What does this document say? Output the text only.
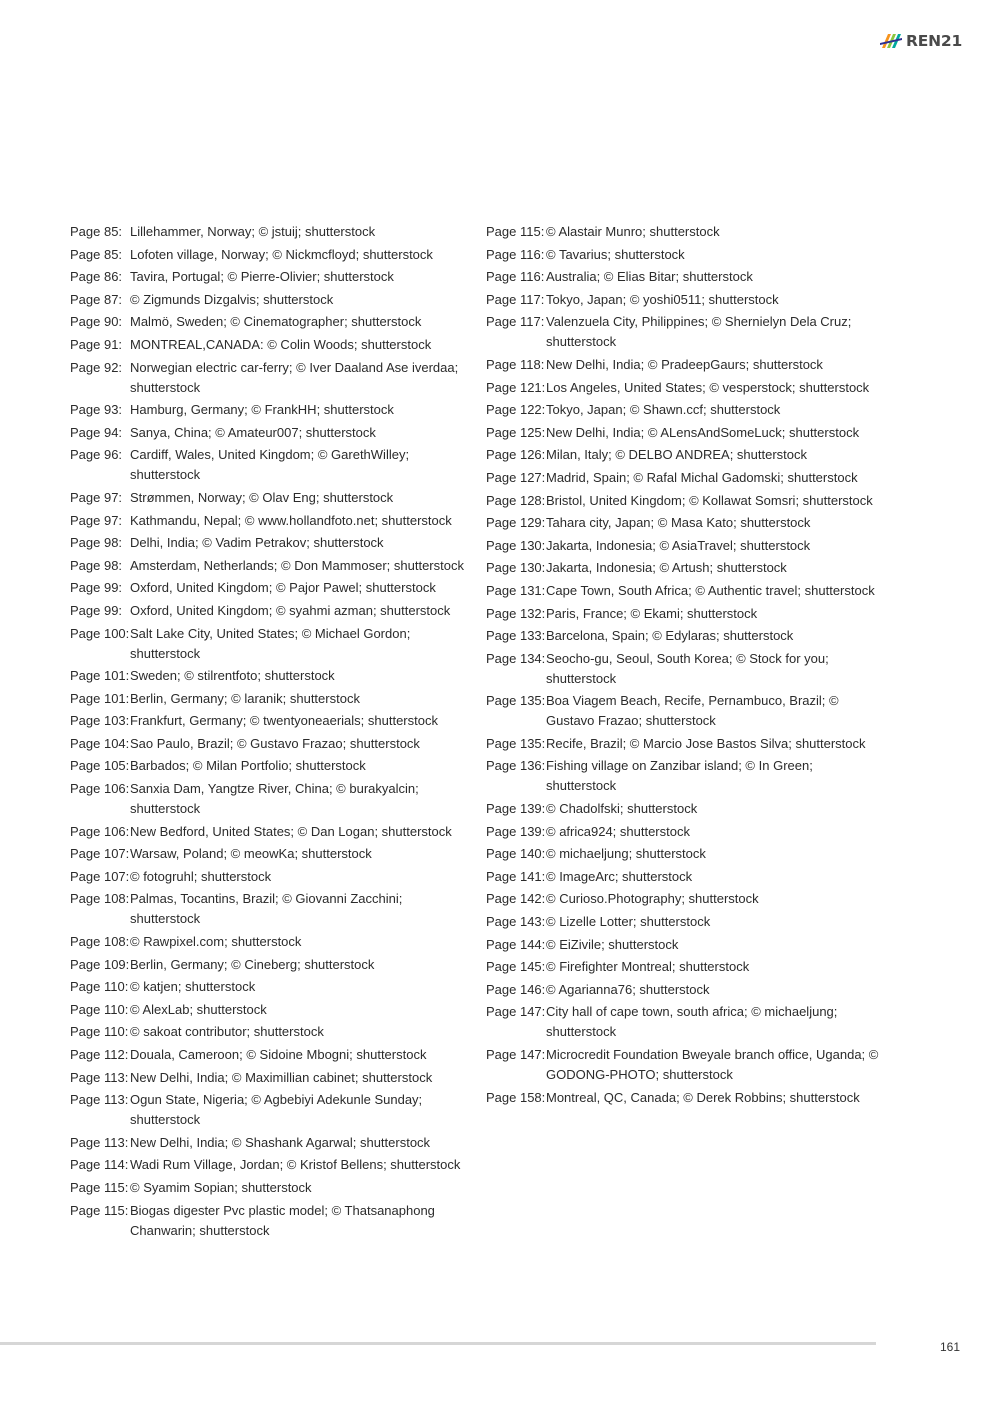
REN21
Page 85: Lillehammer, Norway; © jstuij; shutterstock
Page 85: Lofoten village, Norway; © Nickmcfloyd; shutterstock
Page 86: Tavira, Portugal; © Pierre-Olivier; shutterstock
Page 87: © Zigmunds Dizgalvis; shutterstock
Page 90: Malmö, Sweden; © Cinematographer; shutterstock
Page 91: MONTREAL,CANADA: © Colin Woods; shutterstock
Page 92: Norwegian electric car-ferry; © Iver Daaland Ase iverdaa; shutterstock
Page 93: Hamburg, Germany; © FrankHH; shutterstock
Page 94: Sanya, China; © Amateur007; shutterstock
Page 96: Cardiff, Wales, United Kingdom; © GarethWilley; shutterstock
Page 97: Strømmen, Norway; © Olav Eng; shutterstock
Page 97: Kathmandu, Nepal; © www.hollandfoto.net; shutterstock
Page 98: Delhi, India; © Vadim Petrakov; shutterstock
Page 98: Amsterdam, Netherlands; © Don Mammoser; shutterstock
Page 99: Oxford, United Kingdom; © Pajor Pawel; shutterstock
Page 99: Oxford, United Kingdom; © syahmi azman; shutterstock
Page 100: Salt Lake City, United States; © Michael Gordon; shutterstock
Page 101: Sweden; © stilrentfoto; shutterstock
Page 101: Berlin, Germany; © laranik; shutterstock
Page 103: Frankfurt, Germany; © twentyoneaerials; shutterstock
Page 104: Sao Paulo, Brazil; © Gustavo Frazao; shutterstock
Page 105: Barbados; © Milan Portfolio; shutterstock
Page 106: Sanxia Dam, Yangtze River, China; © burakyalcin; shutterstock
Page 106: New Bedford, United States; © Dan Logan; shutterstock
Page 107: Warsaw, Poland; © meowKa; shutterstock
Page 107: © fotogruhl; shutterstock
Page 108: Palmas, Tocantins, Brazil; © Giovanni Zacchini; shutterstock
Page 108: © Rawpixel.com; shutterstock
Page 109: Berlin, Germany; © Cineberg; shutterstock
Page 110: © katjen; shutterstock
Page 110: © AlexLab; shutterstock
Page 110: © sakoat contributor; shutterstock
Page 112: Douala, Cameroon; © Sidoine Mbogni; shutterstock
Page 113: New Delhi, India; © Maximillian cabinet; shutterstock
Page 113: Ogun State, Nigeria; © Agbebiyi Adekunle Sunday; shutterstock
Page 113: New Delhi, India; © Shashank Agarwal; shutterstock
Page 114: Wadi Rum Village, Jordan; © Kristof Bellens; shutterstock
Page 115: © Syamim Sopian; shutterstock
Page 115: Biogas digester Pvc plastic model; © Thatsanaphong Chanwarin; shutterstock
Page 115: © Alastair Munro; shutterstock
Page 116: © Tavarius; shutterstock
Page 116: Australia; © Elias Bitar; shutterstock
Page 117: Tokyo, Japan; © yoshi0511; shutterstock
Page 117: Valenzuela City, Philippines; © Shernielyn Dela Cruz; shutterstock
Page 118: New Delhi, India; © PradeepGaurs; shutterstock
Page 121: Los Angeles, United States; © vesperstock; shutterstock
Page 122: Tokyo, Japan; © Shawn.ccf; shutterstock
Page 125: New Delhi, India; © ALensAndSomeLuck; shutterstock
Page 126: Milan, Italy; © DELBO ANDREA; shutterstock
Page 127: Madrid, Spain; © Rafal Michal Gadomski; shutterstock
Page 128: Bristol, United Kingdom; © Kollawat Somsri; shutterstock
Page 129: Tahara city, Japan; © Masa Kato; shutterstock
Page 130: Jakarta, Indonesia; © AsiaTravel; shutterstock
Page 130: Jakarta, Indonesia; © Artush; shutterstock
Page 131: Cape Town, South Africa; © Authentic travel; shutterstock
Page 132: Paris, France; © Ekami; shutterstock
Page 133: Barcelona, Spain; © Edylaras; shutterstock
Page 134: Seocho-gu, Seoul, South Korea; © Stock for you; shutterstock
Page 135: Boa Viagem Beach, Recife, Pernambuco, Brazil; © Gustavo Frazao; shutterstock
Page 135: Recife, Brazil; © Marcio Jose Bastos Silva; shutterstock
Page 136: Fishing village on Zanzibar island; © In Green; shutterstock
Page 139: © Chadolfski; shutterstock
Page 139: © africa924; shutterstock
Page 140: © michaeljung; shutterstock
Page 141: © ImageArc; shutterstock
Page 142: © Curioso.Photography; shutterstock
Page 143: © Lizelle Lotter; shutterstock
Page 144: © EiZivile; shutterstock
Page 145: © Firefighter Montreal; shutterstock
Page 146: © Agarianna76; shutterstock
Page 147: City hall of cape town, south africa; © michaeljung; shutterstock
Page 147: Microcredit Foundation Bweyale branch office, Uganda; © GODONG-PHOTO; shutterstock
Page 158: Montreal, QC, Canada; © Derek Robbins; shutterstock
161
